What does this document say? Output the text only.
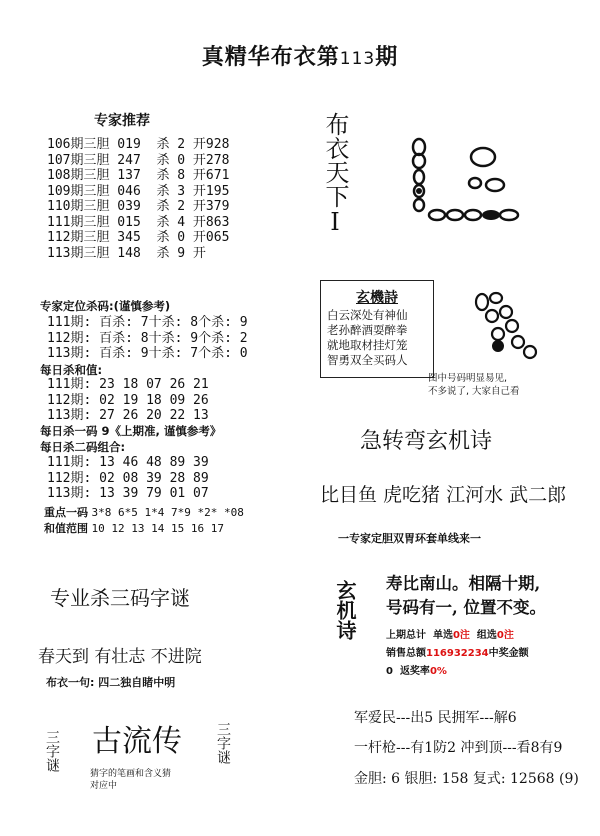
真精华布衣第113期
专家推荐
106期三胆 019  杀 2 开928
107期三胆 247  杀 0 开278
108期三胆 137  杀 8 开671
109期三胆 046  杀 3 开195
110期三胆 039  杀 2 开379
111期三胆 015  杀 4 开863
112期三胆 345  杀 0 开065
113期三胆 148  杀 9 开
专家定位杀码:(谨慎参考)
111期: 百杀: 7十杀: 8个杀: 9
112期: 百杀: 8十杀: 9个杀: 2
113期: 百杀: 9十杀: 7个杀: 0
每日杀和值:
111期: 23 18 07 26 21
112期: 02 19 18 09 26
113期: 27 26 20 22 13
每日杀一码 9《上期准, 谨慎参考》
每日杀二码组合:
111期: 13 46 48 89 39
112期: 02 08 39 28 89
113期: 13 39 79 01 07
重点一码 3*8 6*5 1*4 7*9 *2* *08
和值范围 10 12 13 14 15 16 17
专业杀三码字谜
春天到 有壮志 不进院
布衣一句: 四二独自睹中明
三字谜 古流传 三字谜
猜字的笔画和含义猜
对应中
布衣天下I
玄機詩
白云深处有神仙
老孙醉酒耍醉拳
就地取材挂灯笼
智勇双全买码人
图中号码明显易见,
不多说了, 大家自己看
急转弯玄机诗
比目鱼 虎吃猪 江河水 武二郎
一专家定胆双胃环套单线来一
玄机诗 寿比南山。相隔十期,
号码有一, 位置不变。
上期总计 单选0注 组选0注
销售总额116932234中奖金额
0 返奖率0%
军爱民---出5 民拥军---解6
一杆枪---有1防2 冲到顶---看8有9
金胆: 6 银胆: 158 复式: 12568 (9)
